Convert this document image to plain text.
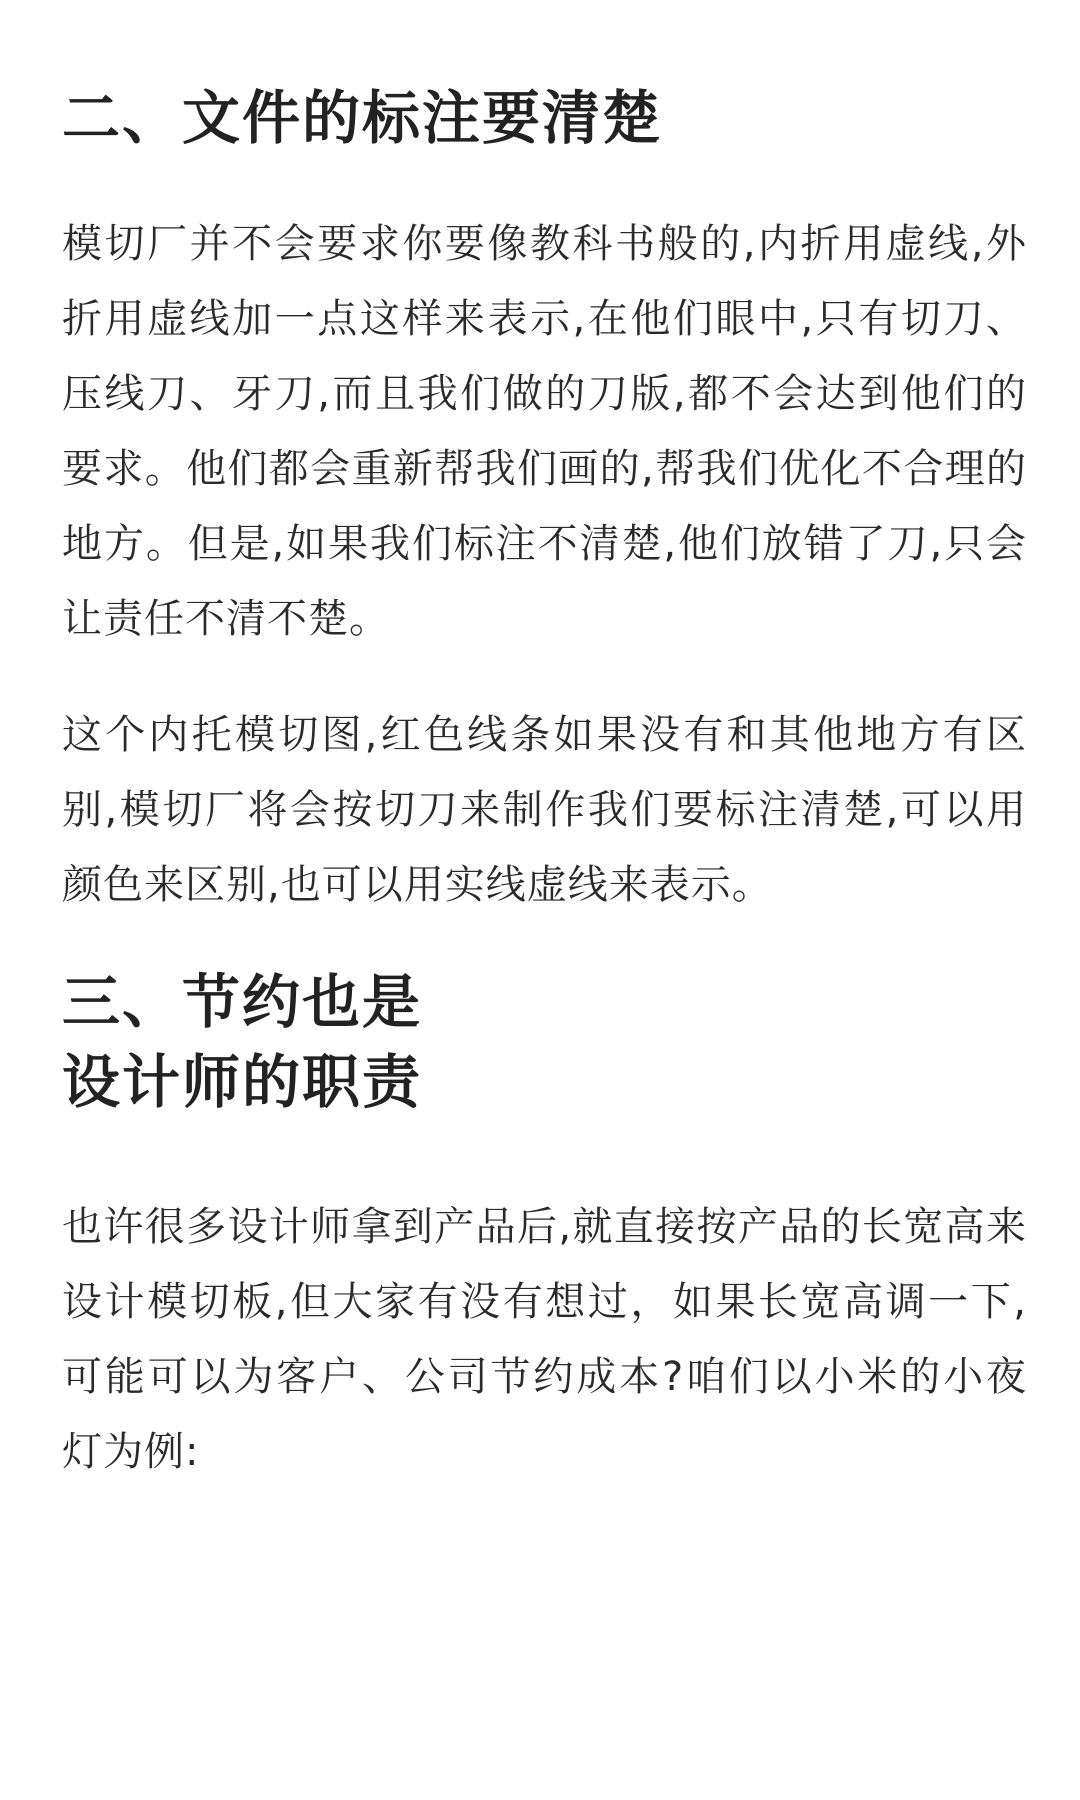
二、文件的标注要清楚

模切厂并不会要求你要像教科书般的,内折用虚线,外折用虚线加一点这样来表示,在他们眼中,只有切刀、压线刀、牙刀,而且我们做的刀版,都不会达到他们的要求。他们都会重新帮我们画的,帮我们优化不合理的地方。但是,如果我们标注不清楚,他们放错了刀,只会让责任不清不楚。

这个内托模切图,红色线条如果没有和其他地方有区别,模切厂将会按切刀来制作我们要标注清楚,可以用颜色来区别,也可以用实线虚线来表示。

三、节约也是
设计师的职责

也许很多设计师拿到产品后,就直接按产品的长宽高来设计模切板,但大家有没有想过，如果长宽高调一下,可能可以为客户、公司节约成本?咱们以小米的小夜灯为例:
